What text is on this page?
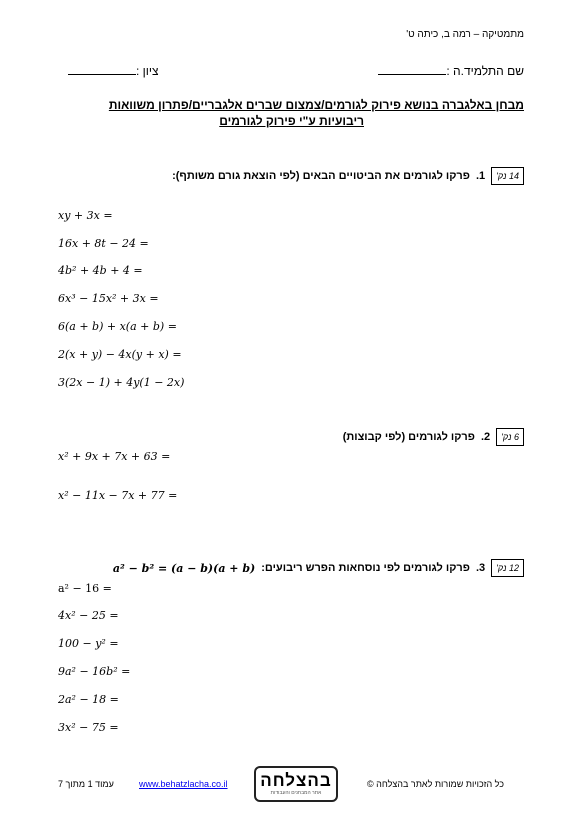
מתמטיקה – רמה ב, כיתה ט'
שם התלמיד.ה :
ציון :
מבחן באלגברה בנושא פירוק לגורמים/צמצום שברים אלגבריים/פתרון משוואות
ריבועיות ע"י פירוק לגורמים
14 נק'
1.
פרקו לגורמים את הביטויים הבאים (לפי הוצאת גורם משותף):
xy + 3x =
16x + 8t − 24 =
4b² + 4b + 4 =
6x³ − 15x² + 3x =
6(a + b) + x(a + b) =
2(x + y) − 4x(y + x) =
3(2x − 1) + 4y(1 − 2x)
6 נק'
2.
פרקו לגורמים (לפי קבוצות)
x² + 9x + 7x + 63 =
x² − 11x − 7x + 77 =
12 נק'
3.
פרקו לגורמים לפי נוסחאות הפרש ריבועים:
a² − b² = (a − b)(a + b)
a² − 16 =
4x² − 25 =
100 − y² =
9a² − 16b² =
2a² − 18 =
3x² − 75 =
עמוד 1 מתוך 7	www.behatzlacha.co.il בהצלחה
אתר המבחנים והעבודות
כל הזכויות שמורות לאתר בהצלחה ©
